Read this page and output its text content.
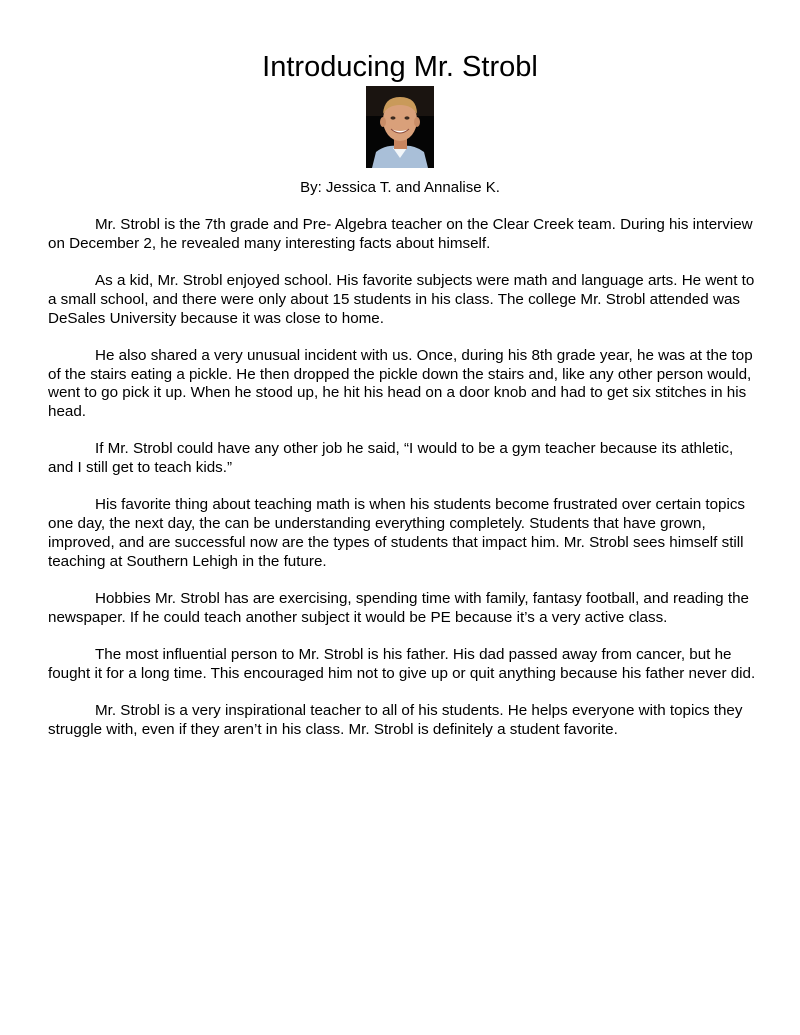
Introducing Mr. Strobl
By: Jessica T. and Annalise K.

Mr. Strobl is the 7th grade and Pre- Algebra teacher on the Clear Creek team. During his interview on December 2, he revealed many interesting facts about himself.

As a kid, Mr. Strobl enjoyed school. His favorite subjects were math and language arts. He went to a small school, and there were only about 15 students in his class. The college Mr. Strobl attended was DeSales University because it was close to home.

He also shared a very unusual incident with us. Once, during his 8th grade year, he was at the top of the stairs eating a pickle. He then dropped the pickle down the stairs and, like any other person would, went to go pick it up. When he stood up, he hit his head on a door knob and had to get six stitches in his head.

If Mr. Strobl could have any other job he said, “I would to be a gym teacher because its athletic, and I still get to teach kids.”

His favorite thing about teaching math is when his students become frustrated over certain topics one day, the next day, the can be understanding everything completely. Students that have grown, improved, and are successful now are the types of students that impact him. Mr. Strobl sees himself still teaching at Southern Lehigh in the future.

Hobbies Mr. Strobl has are exercising, spending time with family, fantasy football, and reading the newspaper. If he could teach another subject it would be PE because it’s a very active class.

The most influential person to Mr. Strobl is his father. His dad passed away from cancer, but he fought it for a long time. This encouraged him not to give up or quit anything because his father never did.

Mr. Strobl is a very inspirational teacher to all of his students. He helps everyone with topics they struggle with, even if they aren’t in his class. Mr. Strobl is definitely a student favorite.
